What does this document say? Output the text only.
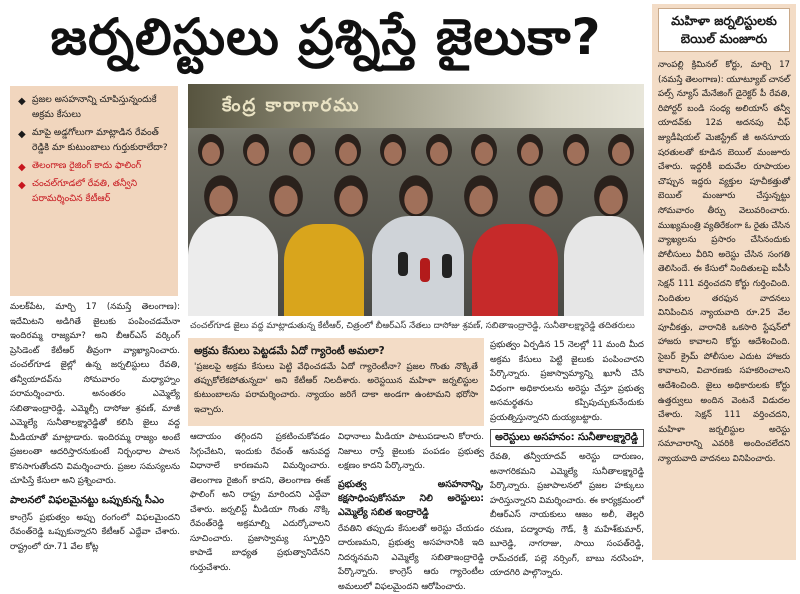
జర్నలిస్టులు ప్రశ్నిస్తే జైలుకా?	మహిళా జర్నలిస్టులకు బెయిల్ మంజూరు
నాంపల్లి క్రిమినల్ కోర్టు, మార్చి 17 (నమస్తే తెలంగాణ): యూట్యూబ్ చానల్ పల్స్ న్యూస్ మేనేజింగ్ డైరెక్టర్ పీ రేవతి, రిపోర్టర్ బండి సంధ్య అలియాస్ తన్వీ యాదవ్‌కు 12వ అదనపు చీఫ్ జ్యుడీషియల్ మెజిస్ట్రేట్ జీ అనసూయ షరతులతో కూడిన బెయిల్ మంజూరు చేశారు. ఇద్దరికీ ఐదువేల రూపాయల చొప్పున ఇద్దరు వ్యక్తుల పూచీకత్తుతో బెయిల్ మంజూరు చేస్తున్నట్టు సోమవారం తీర్పు వెలువరించారు. ముఖ్యమంత్రి వ్యతిరేకంగా ఓ రైతు చేసిన వ్యాఖ్యలను ప్రసారం చేసినందుకు పోలీసులు వీరిని అరెస్టు చేసిన సంగతి తెలిసిందే. ఈ కేసులో నిందితులపై ఐపీసీ సెక్షన్ 111 వర్తించదని కోర్టు గుర్తించింది. నిందితుల తరఫున వాదనలు వినిపించిన న్యాయవాది రూ.25 వేల పూచీకత్తు, వారానికి ఒకసారి స్టేషన్‌లో హాజరు కావాలని కోర్టు ఆదేశించింది. సైబర్ క్రైమ్ పోలీసుల ఎదుట హాజరు కావాలని, విచారణకు సహకరించాలని ఆదేశించింది. జైలు అధికారులకు కోర్టు ఉత్తర్వులు అందిన వెంటనే విడుదల చేశారు. సెక్షన్ 111 వర్తించదని, మహిళా జర్నలిస్టుల అరెస్టు సమాచారాన్ని ఎవరికి అందించలేదని న్యాయవాది వాదనలు వినిపించారు.
◆ ప్రజల అసహనాన్ని చూపిస్తున్నందుకే అక్రమ కేసులు
◆ మాపై అడ్డగోలుగా మాట్లాడిన రేవంత్ రెడ్డికి మా కుటుంబాలు గుర్తుకురాలేదా?
◆ తెలంగాణ రైజింగ్ కాదు ఫాలింగ్
◆ చంచల్‌గూడలో రేవతి, తన్వీని పరామర్శించిన కేటీఆర్
కేంద్ర కారాగారము
చంచల్‌గూడ జైలు వద్ద మాట్లాడుతున్న కేటీఆర్, చిత్రంలో బీఆర్ఎస్ నేతలు దాసోజు శ్రవణ్, సబితాఇంద్రారెడ్డి, సునీతాలక్ష్మారెడ్డి తదితరులు
మలక్‌పేట, మార్చి 17 (నమస్తే తెలంగాణ): ఇదేమిటని అడిగితే జైలుకు పంపించడమేనా ఇందిరమ్మ రాజ్యమా? అని బీఆర్ఎస్ వర్కింగ్ ప్రెసిడెంట్ కేటీఆర్ తీవ్రంగా వ్యాఖ్యానించారు. చంచల్‌గూడ జైల్లో ఉన్న జర్నలిస్టులు రేవతి, తన్వీయాదవ్‌ను సోమవారం మధ్యాహ్నం పరామర్శించారు. అనంతరం ఎమ్మెల్యే సబితాఇంద్రారెడ్డి, ఎమ్మెల్సీ దాసోజు శ్రవణ్, మాజీ ఎమ్మెల్యే సునీతాలక్ష్మారెడ్డితో కలిసి జైలు వద్ద మీడియాతో మాట్లాడారు. ఇందిరమ్మ రాజ్యం అంటే ప్రజలంతా ఆదరిస్తారనుకుంటే నిర్బంధాల పాలన కొనసాగుతోందని విమర్శించారు. ప్రజల సమస్యలను చూపిస్తే కేసులా అని ప్రశ్నించారు.
పాలనలో విఫలమైనట్టు ఒప్పుకున్న సీఎం
కాంగ్రెస్ ప్రభుత్వం అప్పు రంగంలో విఫలమైందని రేవంత్‌రెడ్డి ఒప్పుకున్నారని కేటీఆర్ ఎద్దేవా చేశారు. రాష్ట్రంలో రూ.71 వేల కోట్ల
అక్రమ కేసులు పెట్టడమే ఏదో గ్యారెంటీ అమలా?
'ప్రజలపై అక్రమ కేసులు పెట్టి వేధించడమే ఏదో గ్యారెంటీనా? ప్రజల గొంతు నొక్కితే తప్పుకోలేకపోతున్నదా' అని కేటీఆర్ నిలదీశారు. అరెస్టయిన మహిళా జర్నలిస్టుల కుటుంబాలను పరామర్శించారు. న్యాయం జరిగే దాకా అండగా ఉంటామని భరోసా ఇచ్చారు.
ఆదాయం తగ్గిందని ప్రకటించుకోవడం సిగ్గుచేటని, ఇందుకు రేవంత్ ఆనువద్ద విధానాలే కారణమని విమర్శించారు. తెలంగాణ రైజింగ్ కాదని, తెలంగాణ ఈజ్ ఫాలింగ్ అని రాష్ట్ర మారిందని ఎద్దేవా చేశారు. జర్నలిస్ట్ మీడియా గొంతు నొక్కి రేవంత్‌రెడ్డి అక్రమాల్ని ఎదుర్కోవాలని సూచించారు. ప్రజాస్వామ్య స్ఫూర్తిని కాపాడే బాధ్యత ప్రభుత్వానిదేనని గుర్తుచేశారు.
విధానాలు మీడియా పాటుపడాలని కోరారు. నిజాలు రాస్తే జైలుకు పంపడం ప్రభుత్వ లక్షణం కాదని పేర్కొన్నారు.
ప్రభుత్వ అసహనాన్ని, కక్షసాధింపుకోసమా నిలి అరెస్టులు: ఎమ్మెల్యే సబిత ఇంద్రారెడ్డి
రేవతిని తప్పుడు కేసులతో అరెస్టు చేయడం దారుణమని, ప్రభుత్వ అసహనానికి ఇది నిదర్శనమని ఎమ్మెల్యే సబితాఇంద్రారెడ్డి పేర్కొన్నారు. కాంగ్రెస్ ఆరు గ్యారెంటీల అమలులో విఫలమైందని ఆరోపించారు.
ప్రభుత్వం ఏర్పడిన 15 నెలల్లో 11 మంది మీద అక్రమ కేసులు పెట్టి జైలుకు పంపించారని పేర్కొన్నారు. ప్రజాస్వామ్యాన్ని ఖూనీ చేసే విధంగా అధికారులను అరెస్టు చేస్తూ ప్రభుత్వ అసమర్థతను కప్పిపుచ్చుకునేందుకు ప్రయత్నిస్తున్నారని దుయ్యబట్టారు.
అరెస్టులు అసహనం: సునీతాలక్ష్మారెడ్డి
రేవతి, తన్వీయాదవ్ అరెస్టు దారుణం, అనాగరికమని ఎమ్మెల్యే సునీతాలక్ష్మారెడ్డి పేర్కొన్నారు. ప్రజాపాలనలో ప్రజల హక్కులు హరిస్తున్నారని విమర్శించారు. ఈ కార్యక్రమంలో బీఆర్ఎస్ నాయకులు ఆజం అలీ, తెల్లరి రమణ, పద్మారావు గౌడ్, శ్రీ మహేశ్‌కుమార్, బూరెడ్డి, నాగరాజు, సాయి సంపత్‌రెడ్డి, రామ్‌చరణ్, పల్లె నర్సింగ్, బాబు నరసింహ, యాదగిరి పాల్గొన్నారు.
